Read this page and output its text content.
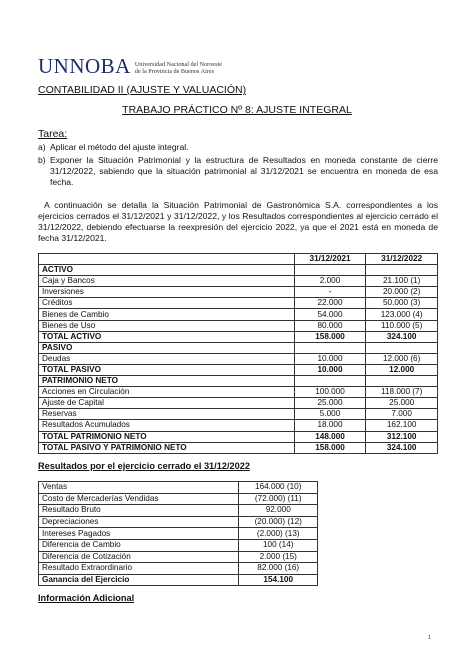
UNNOBA Universidad Nacional del Noroeste
de la Provincia de Buenos Aires
CONTABILIDAD II (AJUSTE Y VALUACIÓN)
TRABAJO PRÁCTICO Nº 8: AJUSTE INTEGRAL
Tarea:
a) Aplicar el método del ajuste integral.
b) Exponer la Situación Patrimonial y la estructura de Resultados en moneda constante de cierre 31/12/2022, sabiendo que la situación patrimonial al 31/12/2021 se encuentra en moneda de esa fecha.
A continuación se detalla la Situación Patrimonial de Gastronómica S.A. correspondientes a los ejercicios cerrados el 31/12/2021 y 31/12/2022, y los Resultados correspondientes al ejercicio cerrado el 31/12/2022, debiendo efectuarse la reexpresión del ejercicio 2022, ya que el 2021 está en moneda de fecha 31/12/2021.
	31/12/2021	31/12/2022
ACTIVO		
Caja y Bancos	2.000	21.100 (1)
Inversiones	-	20.000 (2)
Créditos	22.000	50.000 (3)
Bienes de Cambio	54.000	123.000 (4)
Bienes de Uso	80.000	110.000 (5)
TOTAL ACTIVO	158.000	324.100
PASIVO		
Deudas	10.000	12.000 (6)
TOTAL PASIVO	10.000	12.000
PATRIMONIO NETO		
Acciones en Circulación	100.000	118.000 (7)
Ajuste de Capital	25.000	25.000
Reservas	5.000	7.000
Resultados Acumulados	18.000	162.100
TOTAL PATRIMONIO NETO	148.000	312.100
TOTAL PASIVO Y PATRIMONIO NETO	158.000	324.100
Resultados por el ejercicio cerrado el 31/12/2022
Ventas	164.000 (10)
Costo de Mercaderías Vendidas	(72.000) (11)
Resultado Bruto	92.000
Depreciaciones	(20.000) (12)
Intereses Pagados	(2.000) (13)
Diferencia de Cambio	100 (14)
Diferencia de Cotización	2.000 (15)
Resultado Extraordinario	82.000 (16)
Ganancia del Ejercicio	154.100
Información Adicional
1
